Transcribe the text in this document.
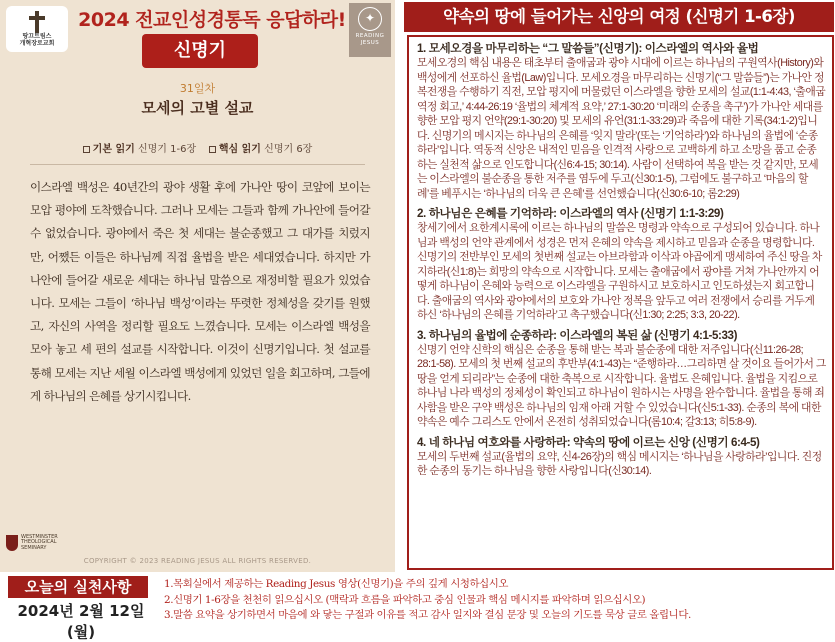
땅끄트림스
개혁장로교회
2024 전교인성경통독 응답하라!	✦
READING
JESUS
신명기
31일차
모세의 고별 설교
기본 읽기 신명기 1-6장 핵심 읽기 신명기 6장
이스라엘 백성은 40년간의 광야 생활 후에 가나안 땅이 코앞에 보이는 모압 평야에 도착했습니다. 그러나 모세는 그들과 함께 가나안에 들어갈 수 없었습니다. 광야에서 죽은 첫 세대는 불순종했고 그 대가를 치렀지만, 어쨌든 이들은 하나님께 직접 율법을 받은 세대였습니다. 하지만 가나안에 들어갈 새로운 세대는 하나님 말씀으로 재정비할 필요가 있었습니다. 모세는 그들이 ‘하나님 백성’이라는 뚜렷한 정체성을 갖기를 원했고, 자신의 사역을 정리할 필요도 느꼈습니다. 모세는 이스라엘 백성을 모아 놓고 세 편의 설교를 시작합니다. 이것이 신명기입니다. 첫 설교를 통해 모세는 지난 세월 이스라엘 백성에게 있었던 일을 회고하며, 그들에게 하나님의 은혜를 상기시킵니다.
WESTMINSTER
THEOLOGICAL
SEMINARY
COPYRIGHT © 2023 READING JESUS ALL RIGHTS RESERVED.
약속의 땅에 들어가는 신앙의 여정 (신명기 1-6장)
1. 모세오경을 마무리하는 “그 말씀들”(신명기): 이스라엘의 역사와 율법
모세오경의 핵심 내용은 태초부터 출애굽과 광야 시대에 이르는 하나님의 구원역사(History)와 백성에게 선포하신 율법(Law)입니다. 모세오경을 마무리하는 신명기(“그 말씀들”)는 가나안 정복전쟁을 수행하기 직전, 모압 평지에 머물렀던 이스라엘을 향한 모세의 설교(1:1-4:43, ‘출애굽 역정 회고,’ 4:44-26:19 ‘율법의 체계적 요약,’ 27:1-30:20 ‘미래의 순종을 촉구’)가 가나안 세대를 향한 모압 평지 언약(29:1-30:20) 및 모세의 유언(31:1-33:29)과 죽음에 대한 기록(34:1-2)입니다. 신명기의 메시지는 하나님의 은혜를 ‘잊지 말라’(또는 ‘기억하라’)와 하나님의 율법에 ‘순종하라’입니다. 역동적 신앙은 내적인 믿음을 인격적 사랑으로 고백하게 하고 소망을 품고 순종하는 실천적 삶으로 인도합니다(신6:4-15; 30:14). 사람이 선택하여 복을 받는 것 같지만, 모세는 이스라엘의 불순종을 통한 저주를 염두에 두고(신30:1-5), 그럼에도 불구하고 ‘마음의 할례’를 베푸시는 ‘하나님의 더욱 큰 은혜’를 선언했습니다(신30:6-10; 롬2:29)
2. 하나님은 은혜를 기억하라: 이스라엘의 역사 (신명기 1:1-3:29)
창세기에서 요한계시록에 이르는 하나님의 말씀은 명령과 약속으로 구성되어 있습니다. 하나님과 백성의 언약 관계에서 성경은 먼저 은혜의 약속을 제시하고 믿음과 순종을 명령합니다. 신명기의 전반부인 모세의 첫번째 설교는 아브라함과 이삭과 야곱에게 맹세하여 주신 땅을 차지하라(신1:8)는 희망의 약속으로 시작합니다. 모세는 출애굽에서 광야를 거쳐 가나안까지 어떻게 하나님이 은혜와 능력으로 이스라엘을 구원하시고 보호하시고 인도하셨는지 회고합니다. 출애굽의 역사와 광야에서의 보호와 가나안 정복을 앞두고 여러 전쟁에서 승리를 거두게 하신 ‘하나님의 은혜를 기억하라’고 촉구했습니다(신1:30; 2:25; 3:3, 20-22).
3. 하나님의 율법에 순종하라: 이스라엘의 복된 삶 (신명기 4:1-5:33)
신명기 언약 신학의 핵심은 순종을 통해 받는 복과 불순종에 대한 저주입니다(신11:26-28; 28:1-58). 모세의 첫 번째 설교의 후반부(4:1-43)는 “준행하라…그리하면 살 것이요 들어가서 그 땅을 얻게 되리라”는 순종에 대한 축복으로 시작합니다. 율법도 은혜입니다. 율법을 지킴으로 하나님 나라 백성의 정체성이 확인되고 하나님이 원하시는 사명을 완수합니다. 율법을 통해 죄사함을 받은 구약 백성은 하나님의 임재 아래 거할 수 있었습니다(신5:1-33). 순종의 복에 대한 약속은 예수 그리스도 안에서 온전히 성취되었습니다(롬10:4; 갈3:13; 히5:8-9).
4. 네 하나님 여호와를 사랑하라: 약속의 땅에 이르는 신앙 (신명기 6:4-5)
모세의 두번째 설교(율법의 요약, 신4-26장)의 핵심 메시지는 ‘하나님을 사랑하라’입니다. 진정한 순종의 동기는 하나님을 향한 사랑입니다(신30:14).
오늘의 실천사항
2024년 2월 12일(월)
1.목회실에서 제공하는 Reading Jesus 영상(신명기)을 주의 깊게 시청하십시오
2.신명기 1-6장을 천천히 읽으십시오 (맥락과 흐름을 파악하고 중심 인물과 핵심 메시지를 파악하며 읽으십시오)
3.말씀 요약을 상기하면서 마음에 와 닿는 구절과 이유를 적고 감사 일지와 결심 문장 및 오늘의 기도를 묵상 글로 올립니다.
